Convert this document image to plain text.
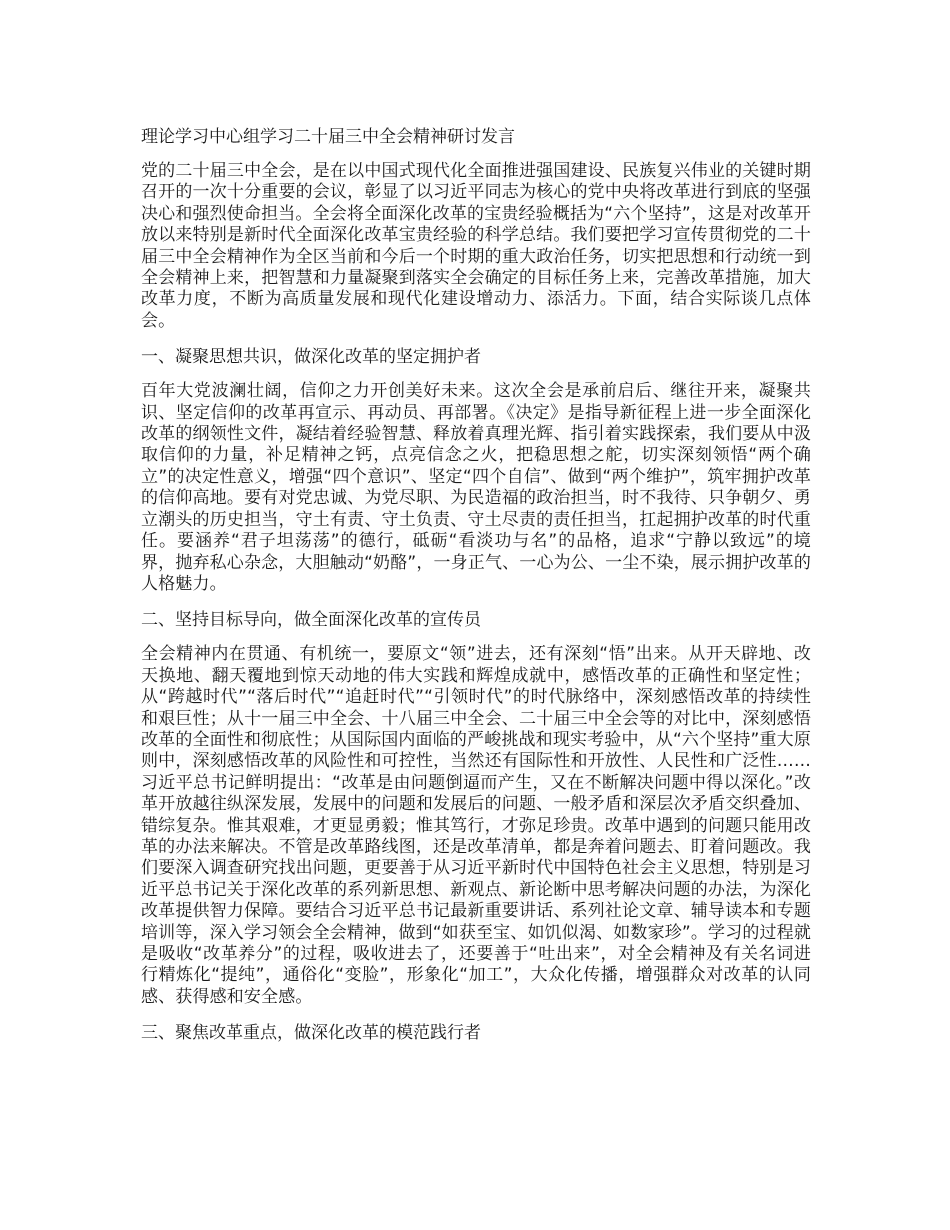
理论学习中心组学习二十届三中全会精神研讨发言

党的二十届三中全会，是在以中国式现代化全面推进强国建设、民族复兴伟业的关键时期召开的一次十分重要的会议，彰显了以习近平同志为核心的党中央将改革进行到底的坚强决心和强烈使命担当。全会将全面深化改革的宝贵经验概括为“六个坚持”，这是对改革开放以来特别是新时代全面深化改革宝贵经验的科学总结。我们要把学习宣传贯彻党的二十届三中全会精神作为全区当前和今后一个时期的重大政治任务，切实把思想和行动统一到全会精神上来，把智慧和力量凝聚到落实全会确定的目标任务上来，完善改革措施，加大改革力度，不断为高质量发展和现代化建设增动力、添活力。下面，结合实际谈几点体会。

一、凝聚思想共识，做深化改革的坚定拥护者

百年大党波澜壮阔，信仰之力开创美好未来。这次全会是承前启后、继往开来，凝聚共识、坚定信仰的改革再宣示、再动员、再部署。《决定》是指导新征程上进一步全面深化改革的纲领性文件，凝结着经验智慧、释放着真理光辉、指引着实践探索，我们要从中汲取信仰的力量，补足精神之钙，点亮信念之火，把稳思想之舵，切实深刻领悟“两个确立”的决定性意义，增强“四个意识”、坚定“四个自信”、做到“两个维护”，筑牢拥护改革的信仰高地。要有对党忠诚、为党尽职、为民造福的政治担当，时不我待、只争朝夕、勇立潮头的历史担当，守土有责、守土负责、守土尽责的责任担当，扛起拥护改革的时代重任。要涵养“君子坦荡荡”的德行，砥砺“看淡功与名”的品格，追求“宁静以致远”的境界，抛弃私心杂念，大胆触动“奶酪”，一身正气、一心为公、一尘不染，展示拥护改革的人格魅力。

二、坚持目标导向，做全面深化改革的宣传员

全会精神内在贯通、有机统一，要原文“领”进去，还有深刻“悟”出来。从开天辟地、改天换地、翻天覆地到惊天动地的伟大实践和辉煌成就中，感悟改革的正确性和坚定性；从“跨越时代”“落后时代”“追赶时代”“引领时代”的时代脉络中，深刻感悟改革的持续性和艰巨性；从十一届三中全会、十八届三中全会、二十届三中全会等的对比中，深刻感悟改革的全面性和彻底性；从国际国内面临的严峻挑战和现实考验中，从“六个坚持”重大原则中，深刻感悟改革的风险性和可控性，当然还有国际性和开放性、人民性和广泛性……习近平总书记鲜明提出：“改革是由问题倒逼而产生，又在不断解决问题中得以深化。”改革开放越往纵深发展，发展中的问题和发展后的问题、一般矛盾和深层次矛盾交织叠加、错综复杂。惟其艰难，才更显勇毅；惟其笃行，才弥足珍贵。改革中遇到的问题只能用改革的办法来解决。不管是改革路线图，还是改革清单，都是奔着问题去、盯着问题改。我们要深入调查研究找出问题，更要善于从习近平新时代中国特色社会主义思想，特别是习近平总书记关于深化改革的系列新思想、新观点、新论断中思考解决问题的办法，为深化改革提供智力保障。要结合习近平总书记最新重要讲话、系列社论文章、辅导读本和专题培训等，深入学习领会全会精神，做到“如获至宝、如饥似渴、如数家珍”。学习的过程就是吸收“改革养分”的过程，吸收进去了，还要善于“吐出来”，对全会精神及有关名词进行精炼化“提纯”，通俗化“变脸”，形象化“加工”，大众化传播，增强群众对改革的认同感、获得感和安全感。

三、聚焦改革重点，做深化改革的模范践行者
